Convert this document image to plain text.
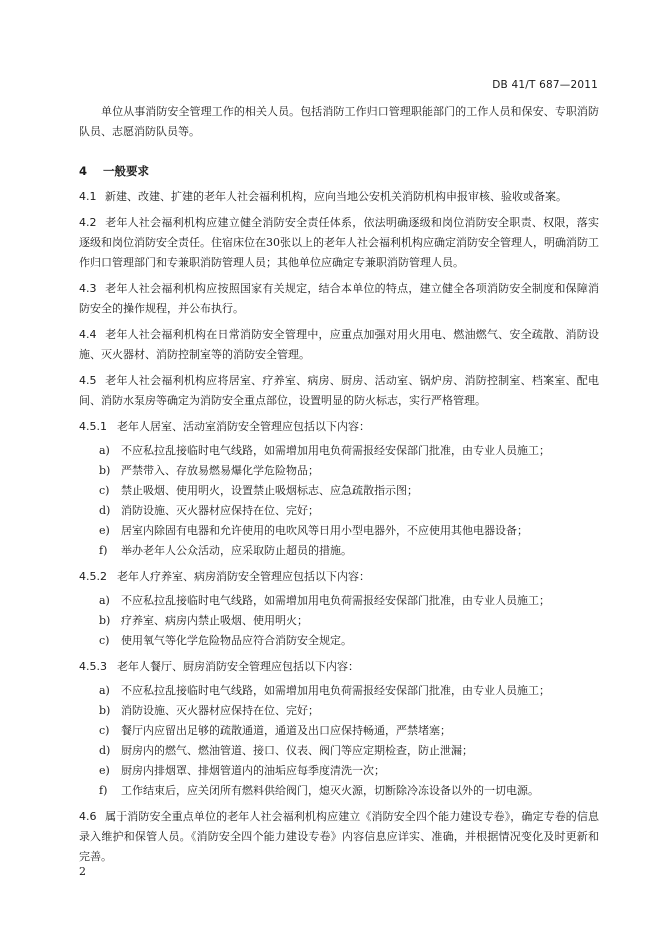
DB 41/T 687—2011

单位从事消防安全管理工作的相关人员。包括消防工作归口管理职能部门的工作人员和保安、专职消防队员、志愿消防队员等。

4 一般要求

4.1 新建、改建、扩建的老年人社会福利机构，应向当地公安机关消防机构申报审核、验收或备案。

4.2 老年人社会福利机构应建立健全消防安全责任体系，依法明确逐级和岗位消防安全职责、权限，落实逐级和岗位消防安全责任。住宿床位在30张以上的老年人社会福利机构应确定消防安全管理人，明确消防工作归口管理部门和专兼职消防管理人员；其他单位应确定专兼职消防管理人员。

4.3 老年人社会福利机构应按照国家有关规定，结合本单位的特点，建立健全各项消防安全制度和保障消防安全的操作规程，并公布执行。

4.4 老年人社会福利机构在日常消防安全管理中，应重点加强对用火用电、燃油燃气、安全疏散、消防设施、灭火器材、消防控制室等的消防安全管理。

4.5 老年人社会福利机构应将居室、疗养室、病房、厨房、活动室、锅炉房、消防控制室、档案室、配电间、消防水泵房等确定为消防安全重点部位，设置明显的防火标志，实行严格管理。

4.5.1 老年人居室、活动室消防安全管理应包括以下内容：

a) 不应私拉乱接临时电气线路，如需增加用电负荷需报经安保部门批准，由专业人员施工；
b) 严禁带入、存放易燃易爆化学危险物品；
c) 禁止吸烟、使用明火，设置禁止吸烟标志、应急疏散指示图；
d) 消防设施、灭火器材应保持在位、完好；
e) 居室内除固有电器和允许使用的电吹风等日用小型电器外，不应使用其他电器设备；
f) 举办老年人公众活动，应采取防止超员的措施。

4.5.2 老年人疗养室、病房消防安全管理应包括以下内容：

a) 不应私拉乱接临时电气线路，如需增加用电负荷需报经安保部门批准，由专业人员施工；
b) 疗养室、病房内禁止吸烟、使用明火；
c) 使用氧气等化学危险物品应符合消防安全规定。

4.5.3 老年人餐厅、厨房消防安全管理应包括以下内容：

a) 不应私拉乱接临时电气线路，如需增加用电负荷需报经安保部门批准，由专业人员施工；
b) 消防设施、灭火器材应保持在位、完好；
c) 餐厅内应留出足够的疏散通道，通道及出口应保持畅通，严禁堵塞；
d) 厨房内的燃气、燃油管道、接口、仪表、阀门等应定期检查，防止泄漏；
e) 厨房内排烟罩、排烟管道内的油垢应每季度清洗一次；
f) 工作结束后，应关闭所有燃料供给阀门，熄灭火源，切断除冷冻设备以外的一切电源。

4.6 属于消防安全重点单位的老年人社会福利机构应建立《消防安全四个能力建设专卷》，确定专卷的信息录入维护和保管人员。《消防安全四个能力建设专卷》内容信息应详实、准确，并根据情况变化及时更新和完善。

2
